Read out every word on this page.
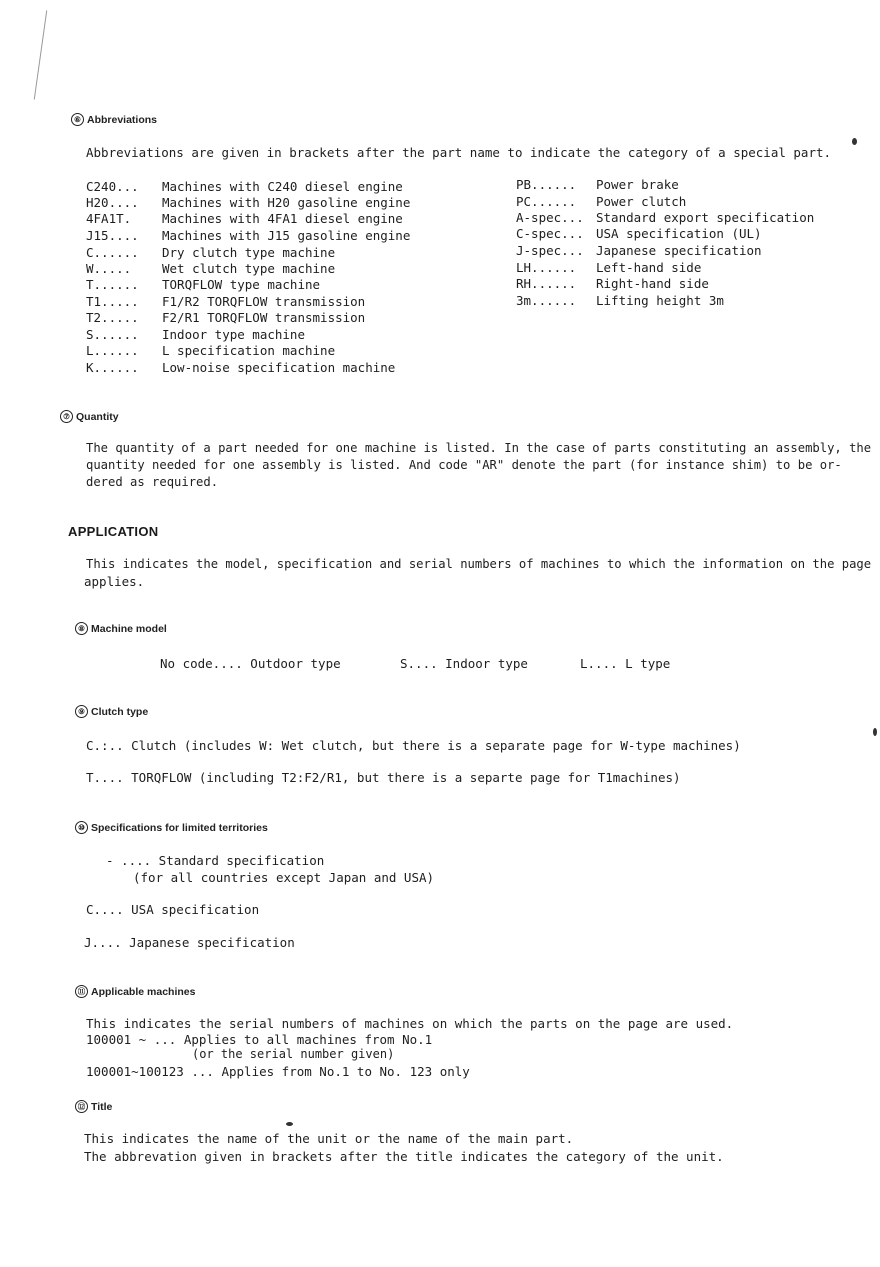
⑥ Abbreviations
Abbreviations are given in brackets after the part name to indicate the category of a special part.
C240... Machines with C240 diesel engine
H20.... Machines with H20 gasoline engine
4FA1T. Machines with 4FA1 diesel engine
J15.... Machines with J15 gasoline engine
C...... Dry clutch type machine
W..... Wet clutch type machine
T...... TORQFLOW type machine
T1..... F1/R2 TORQFLOW transmission
T2..... F2/R1 TORQFLOW transmission
S...... Indoor type machine
L...... L specification machine
K...... Low-noise specification machine
PB...... Power brake
PC...... Power clutch
A-spec... Standard export specification
C-spec... USA specification (UL)
J-spec... Japanese specification
LH...... Left-hand side
RH...... Right-hand side
3m...... Lifting height 3m
⑦ Quantity
The quantity of a part needed for one machine is listed. In the case of parts constituting an assembly, the
quantity needed for one assembly is listed. And code "AR" denote the part (for instance shim) to be or-
dered as required.
APPLICATION
This indicates the model, specification and serial numbers of machines to which the information on the page
applies.
⑧ Machine model
No code.... Outdoor type	S.... Indoor type	L.... L type
⑨ Clutch type
C.:.. Clutch (includes W: Wet clutch, but there is a separate page for W-type machines)
T.... TORQFLOW (including T2:F2/R1, but there is a separte page for T1machines)
⑩ Specifications for limited territories
- .... Standard specification
(for all countries except Japan and USA)
C.... USA specification
J.... Japanese specification
⑪ Applicable machines
This indicates the serial numbers of machines on which the parts on the page are used.
100001 ~ ... Applies to all machines from No.1
(or the serial number given)
100001~100123 ... Applies from No.1 to No. 123 only
⑫ Title
This indicates the name of the unit or the name of the main part.
The abbrevation given in brackets after the title indicates the category of the unit.
